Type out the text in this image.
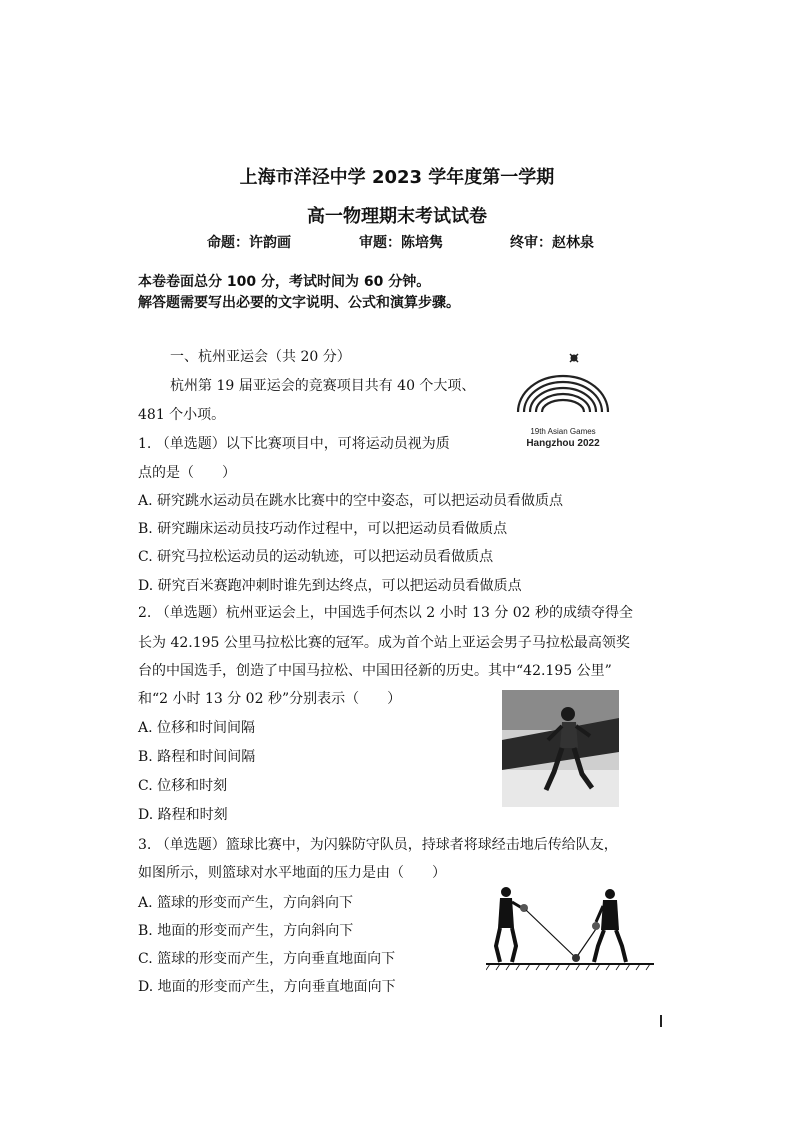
上海市洋泾中学 2023 学年度第一学期
高一物理期末考试试卷
命题：许韵画	审题：陈培隽	终审：赵林泉
本卷卷面总分 100 分，考试时间为 60 分钟。
解答题需要写出必要的文字说明、公式和演算步骤。
一、杭州亚运会（共 20 分）
杭州第 19 届亚运会的竞赛项目共有 40 个大项、
481 个小项。
19th Asian Games
Hangzhou 2022
1. （单选题）以下比赛项目中，可将运动员视为质
点的是（　　）
A. 研究跳水运动员在跳水比赛中的空中姿态，可以把运动员看做质点
B. 研究蹦床运动员技巧动作过程中，可以把运动员看做质点
C. 研究马拉松运动员的运动轨迹，可以把运动员看做质点
D. 研究百米赛跑冲刺时谁先到达终点，可以把运动员看做质点
2. （单选题）杭州亚运会上，中国选手何杰以 2 小时 13 分 02 秒的成绩夺得全
长为 42.195 公里马拉松比赛的冠军。成为首个站上亚运会男子马拉松最高领奖
台的中国选手，创造了中国马拉松、中国田径新的历史。其中“42.195 公里”
和“2 小时 13 分 02 秒”分别表示（　　）
A. 位移和时间间隔
B. 路程和时间间隔
C. 位移和时刻
D. 路程和时刻
3. （单选题）篮球比赛中，为闪躲防守队员，持球者将球经击地后传给队友，
如图所示，则篮球对水平地面的压力是由（　　）
A. 篮球的形变而产生，方向斜向下
B. 地面的形变而产生，方向斜向下
C. 篮球的形变而产生，方向垂直地面向下
D. 地面的形变而产生，方向垂直地面向下
